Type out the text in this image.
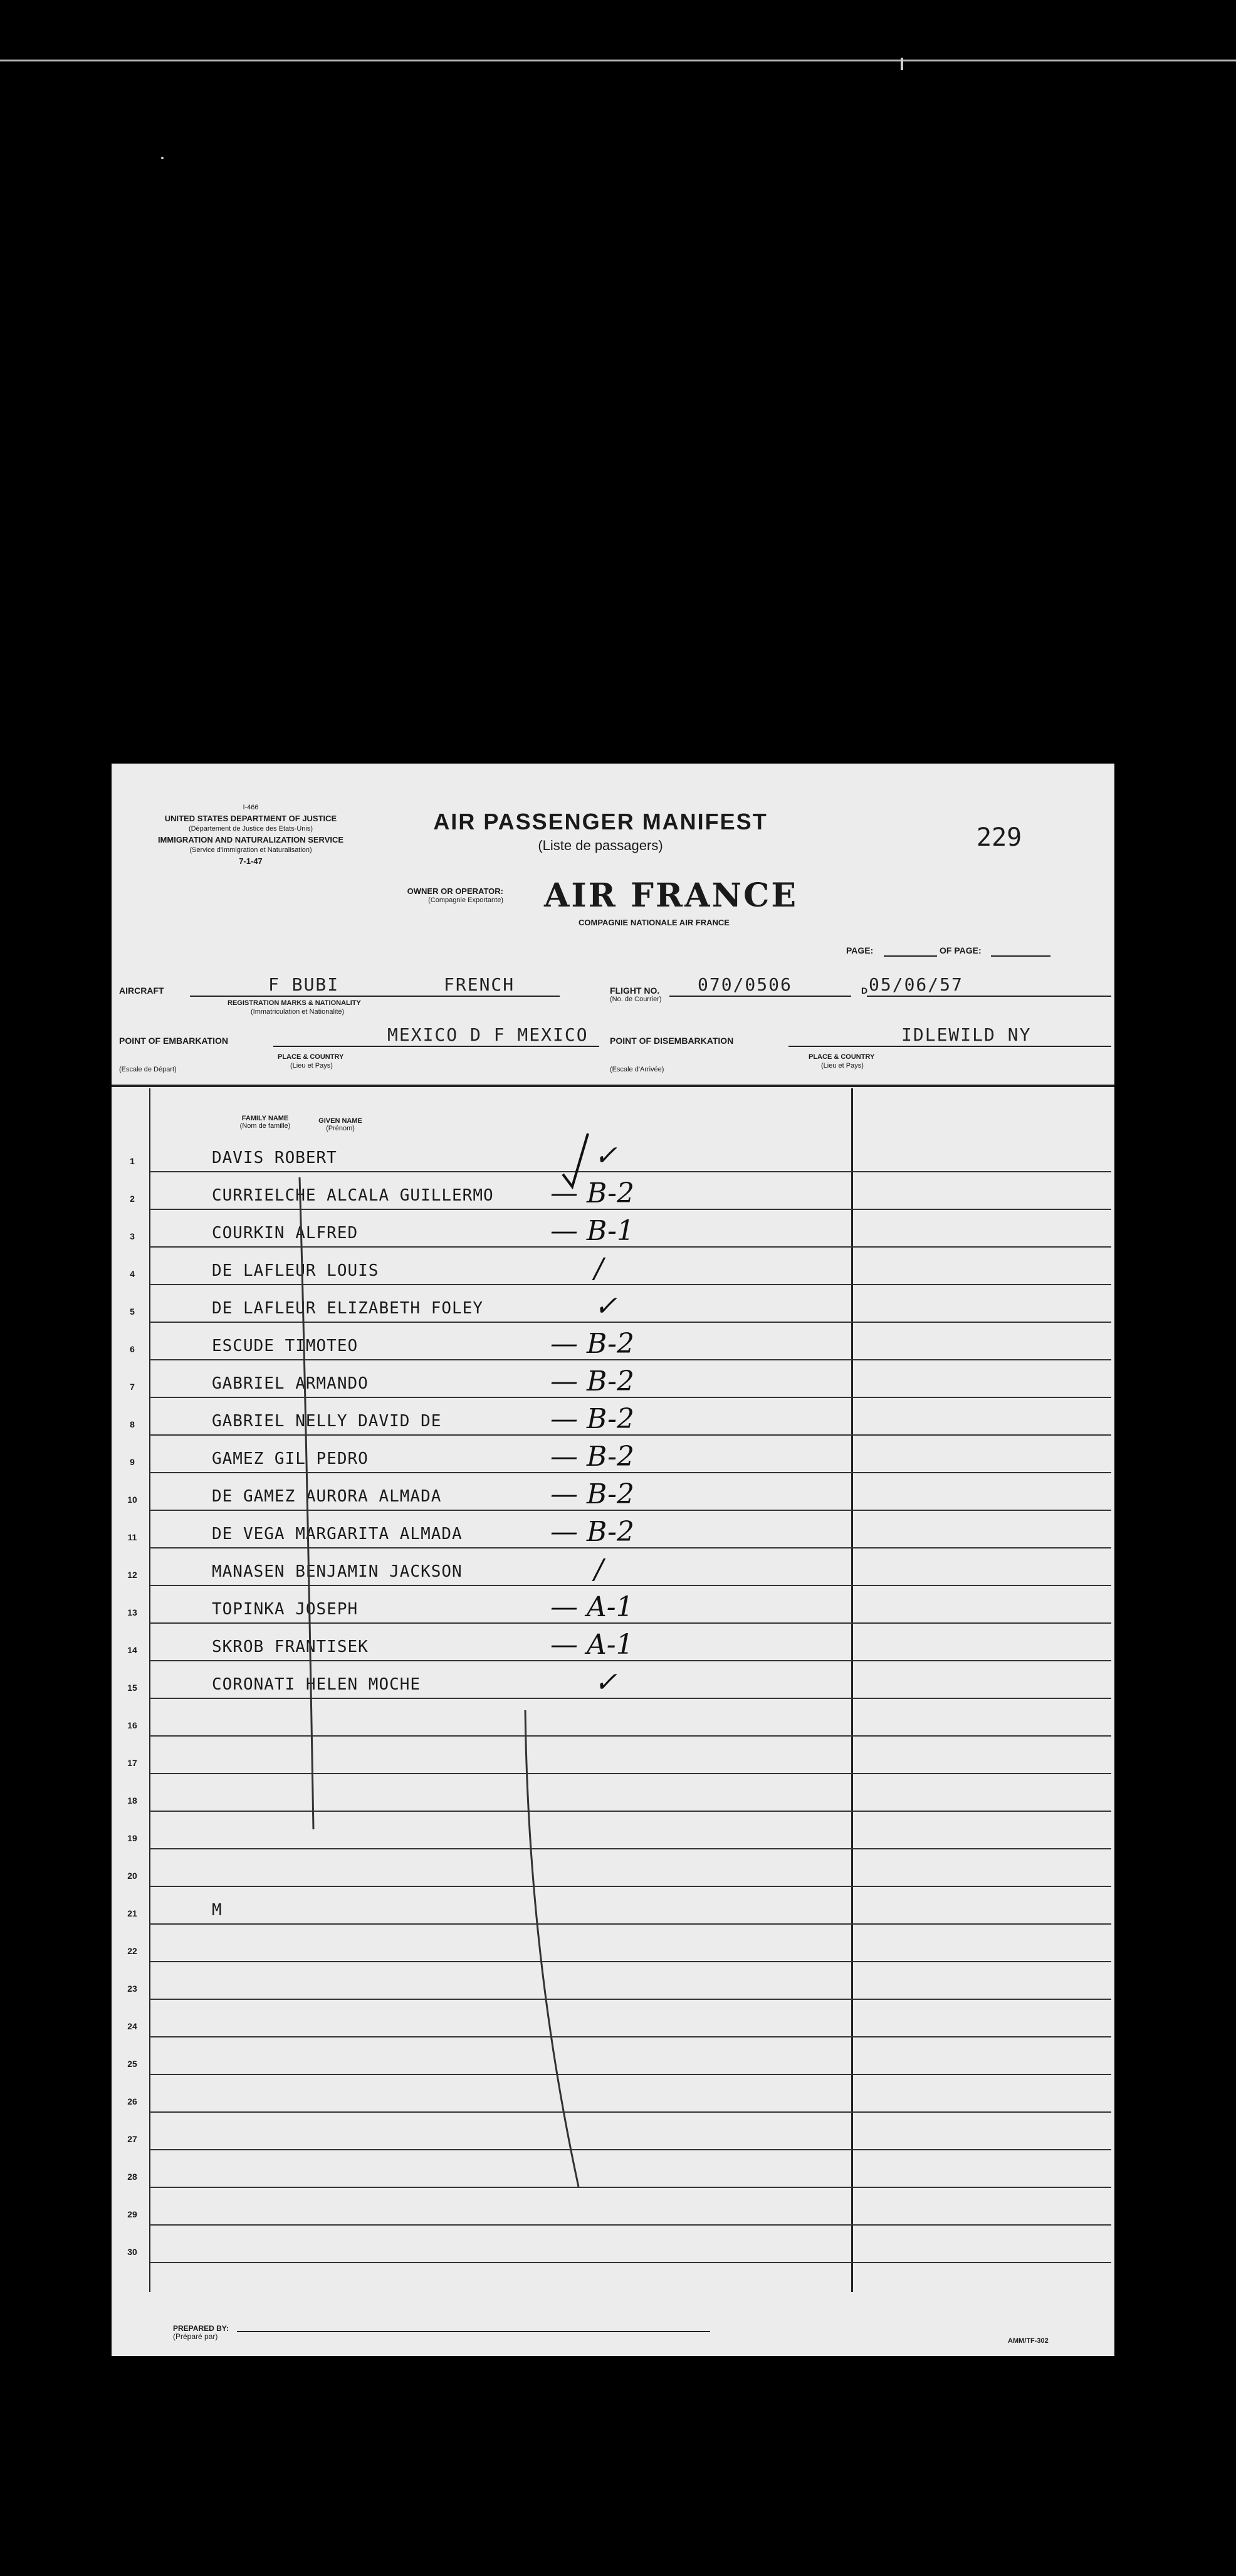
I-466
UNITED STATES DEPARTMENT OF JUSTICE
(Département de Justice des Etats-Unis)
IMMIGRATION AND NATURALIZATION SERVICE
(Service d'Immigration et Naturalisation)
7-1-47
AIR PASSENGER MANIFEST
(Liste de passagers)	229
OWNER OR OPERATOR:
(Compagnie Exportante) AIR FRANCE
COMPAGNIE NATIONALE AIR FRANCE
PAGE:	OF PAGE:
AIRCRAFT	F BUBI	FRENCH
REGISTRATION MARKS & NATIONALITY
(Immatriculation et Nationalité)
FLIGHT NO.
(No. de Courrier)
070/0506	D 05/06/57
POINT OF EMBARKATION	MEXICO D F MEXICO
(Escale de Départ)
PLACE & COUNTRY
(Lieu et Pays)
POINT OF DISEMBARKATION	IDLEWILD NY
(Escale d'Arrivée)
PLACE & COUNTRY
(Lieu et Pays)
FAMILY NAME
(Nom de famille)
GIVEN NAME
(Prénom)
1	DAVIS ROBERT	✓
2	CURRIELCHE ALCALA GUILLERMO — B-2
3	COURKIN ALFRED	— B-1
4	DE LAFLEUR LOUIS	/
5	DE LAFLEUR ELIZABETH FOLEY	✓
6	ESCUDE TIMOTEO	— B-2
7	GABRIEL ARMANDO	— B-2
8	GABRIEL NELLY DAVID DE	— B-2
9	GAMEZ GIL PEDRO	— B-2
10	DE GAMEZ AURORA ALMADA	— B-2
11	DE VEGA MARGARITA ALMADA	— B-2
12	MANASEN BENJAMIN JACKSON	/
13	TOPINKA JOSEPH	— A-1
14	SKROB FRANTISEK	— A-1
15	CORONATI HELEN MOCHE	✓
16
17
18
19
20
21	M
22
23
24
25
26
27
28
29
30
PREPARED BY:
(Préparé par)	AMM/TF-302
